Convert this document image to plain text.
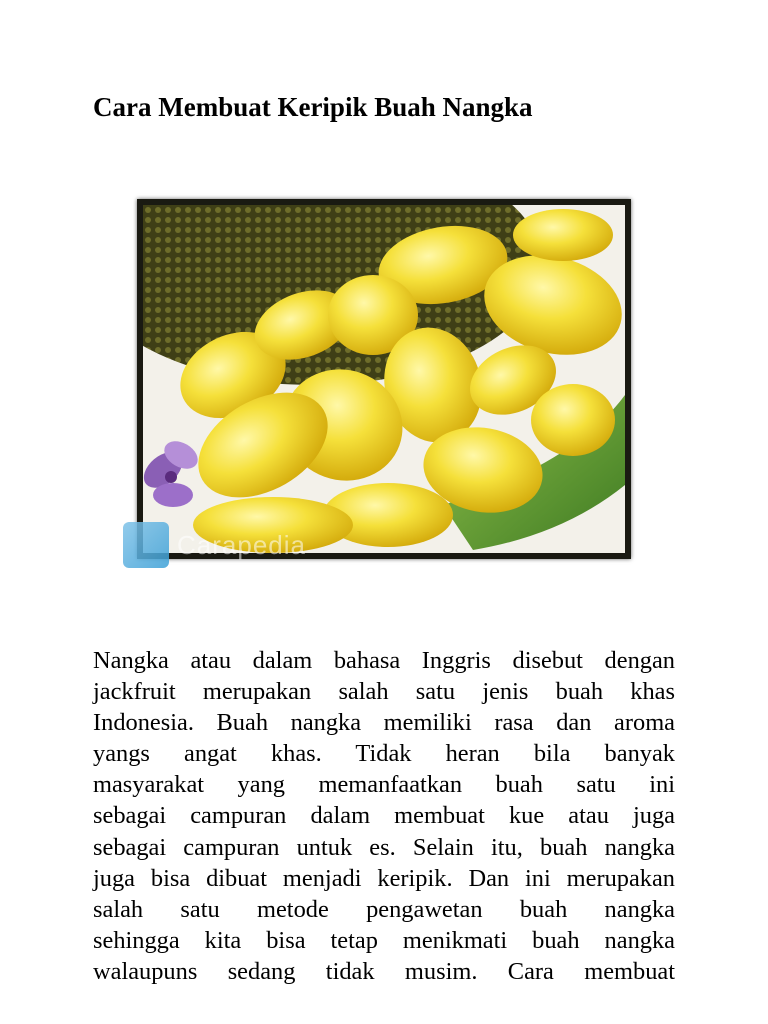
Cara Membuat Keripik Buah Nangka
Carapedia
Nangka atau dalam bahasa Inggris disebut dengan
jackfruit merupakan salah satu jenis buah khas
Indonesia. Buah nangka memiliki rasa dan aroma
yangs angat khas. Tidak heran bila banyak
masyarakat yang memanfaatkan buah satu ini
sebagai campuran dalam membuat kue atau juga
sebagai campuran untuk es. Selain itu, buah nangka
juga bisa dibuat menjadi keripik. Dan ini merupakan
salah satu metode pengawetan buah nangka
sehingga kita bisa tetap menikmati buah nangka
walaupuns sedang tidak musim. Cara membuat
